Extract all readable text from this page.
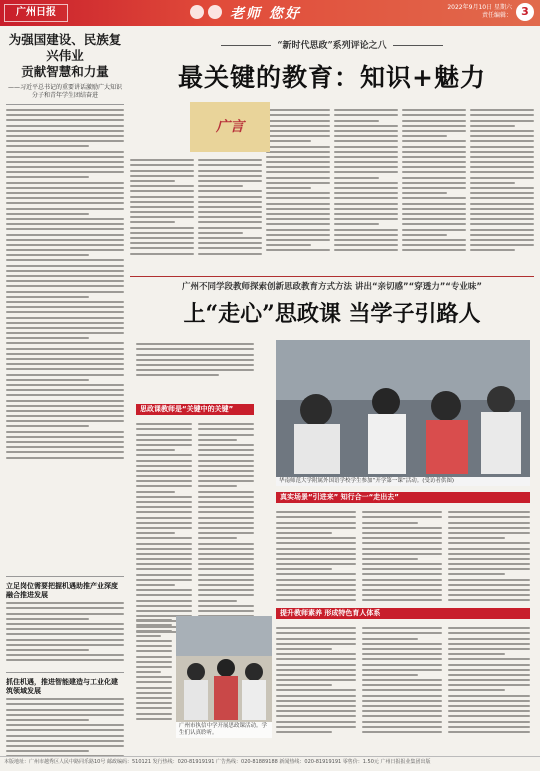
广州日报	老师 您好	2022年9月10日 星期六
责任编辑： 3
为强国建设、民族复兴伟业
贡献智慧和力量
——习近平总书记的重要讲话激励广大知识分子和青年学生团结奋进
立足岗位需要把握机遇助推产业深度融合推进发展
抓住机遇，推进智能建造与工业化建筑领域发展
“新时代思政”系列评论之八
最关键的教育：知识+魅力
广言
广州不同学段教师探索创新思政教育方式方法 讲出“亲切感”“穿透力”“专业味”
上“走心”思政课 当学子引路人
思政课教师是“关键中的关键”
华南师范大学附属外国语学校学生参加“开学第一课”活动。(受访者供图)
真实场景“引进来” 知行合一“走出去”
广州市执信中学开展思政课活动。学生们认真聆听。
提升教师素养 形成特色育人体系
本版地址：广州市越秀区人民中路同乐路10号 邮政编码：510121 发行热线：020-81919191 广告热线：020-81889188 新闻热线：020-81919191 零售价：1.50元 广州日报报业集团出版
